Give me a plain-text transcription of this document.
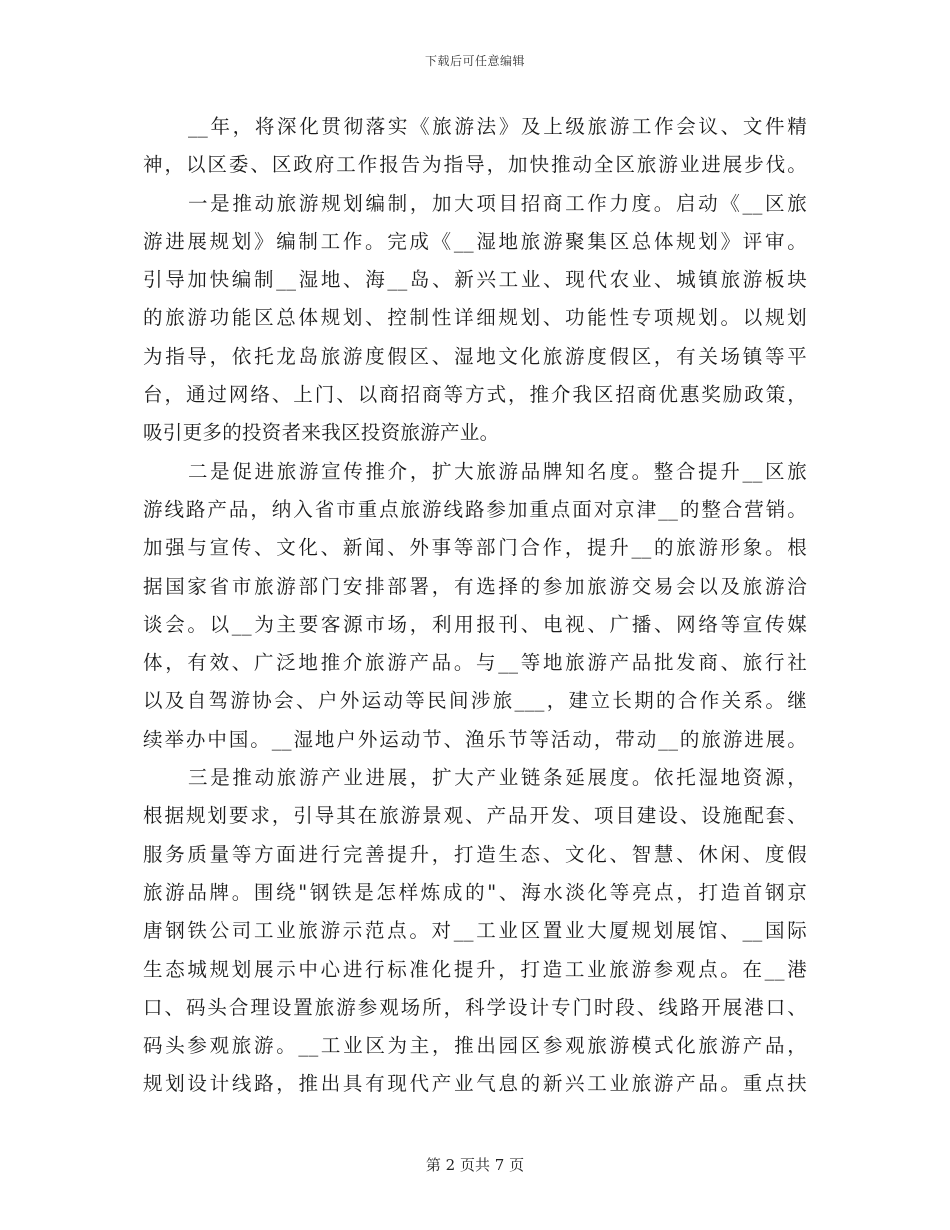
下载后可任意编辑
__年，将深化贯彻落实《旅游法》及上级旅游工作会议、文件精
神，以区委、区政府工作报告为指导，加快推动全区旅游业进展步伐。
一是推动旅游规划编制，加大项目招商工作力度。启动《__区旅
游进展规划》编制工作。完成《__湿地旅游聚集区总体规划》评审。
引导加快编制__湿地、海__岛、新兴工业、现代农业、城镇旅游板块
的旅游功能区总体规划、控制性详细规划、功能性专项规划。以规划
为指导，依托龙岛旅游度假区、湿地文化旅游度假区，有关场镇等平
台，通过网络、上门、以商招商等方式，推介我区招商优惠奖励政策，
吸引更多的投资者来我区投资旅游产业。
二是促进旅游宣传推介，扩大旅游品牌知名度。整合提升__区旅
游线路产品，纳入省市重点旅游线路参加重点面对京津__的整合营销。
加强与宣传、文化、新闻、外事等部门合作，提升__的旅游形象。根
据国家省市旅游部门安排部署，有选择的参加旅游交易会以及旅游洽
谈会。以__为主要客源市场，利用报刊、电视、广播、网络等宣传媒
体，有效、广泛地推介旅游产品。与__等地旅游产品批发商、旅行社
以及自驾游协会、户外运动等民间涉旅___，建立长期的合作关系。继
续举办中国。__湿地户外运动节、渔乐节等活动，带动__的旅游进展。
三是推动旅游产业进展，扩大产业链条延展度。依托湿地资源，
根据规划要求，引导其在旅游景观、产品开发、项目建设、设施配套、
服务质量等方面进行完善提升，打造生态、文化、智慧、休闲、度假
旅游品牌。围绕"钢铁是怎样炼成的"、海水淡化等亮点，打造首钢京
唐钢铁公司工业旅游示范点。对__工业区置业大厦规划展馆、__国际
生态城规划展示中心进行标准化提升，打造工业旅游参观点。在__港
口、码头合理设置旅游参观场所，科学设计专门时段、线路开展港口、
码头参观旅游。__工业区为主，推出园区参观旅游模式化旅游产品，
规划设计线路，推出具有现代产业气息的新兴工业旅游产品。重点扶
第 2 页共 7 页
